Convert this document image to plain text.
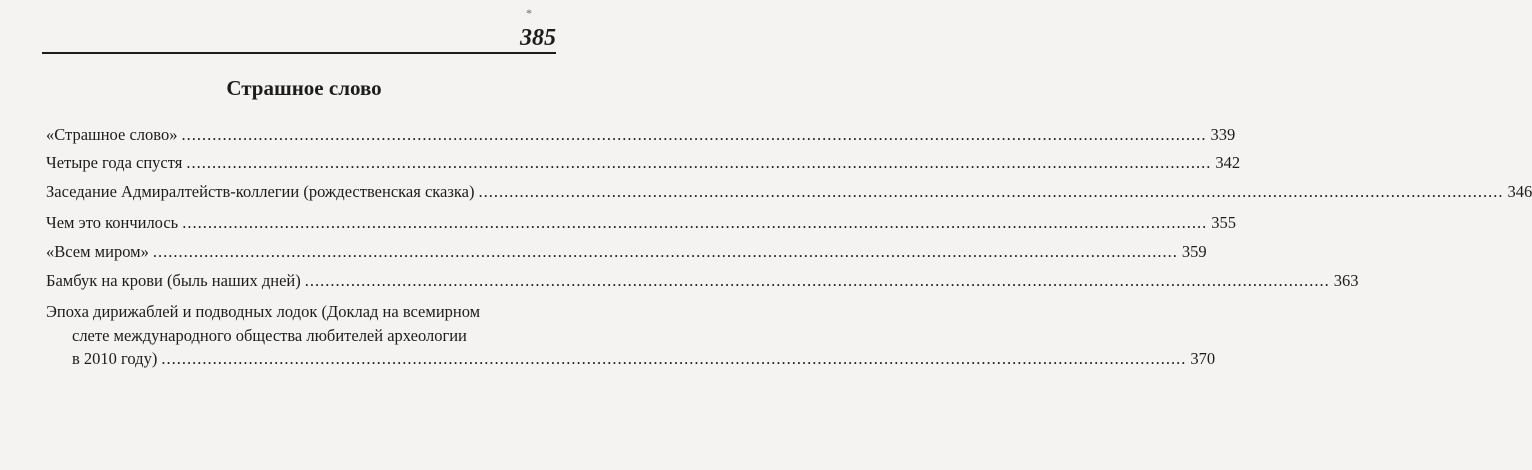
*
385
Страшное слово
«Страшное слово» ........................................................................................................................................................................................................ 339
Четыре года спустя ........................................................................................................................................................................................................ 342
Заседание Адмиралтейств-коллегии (рождественская сказка) ........................................................................................................................................................................................................ 346
Чем это кончилось ........................................................................................................................................................................................................ 355
«Всем миром» ........................................................................................................................................................................................................ 359
Бамбук на крови (быль наших дней) ........................................................................................................................................................................................................ 363
Эпоха дирижаблей и подводных лодок (Доклад на всемирном
слете международного общества любителей археологии
в 2010 году) ........................................................................................................................................................................................................ 370
